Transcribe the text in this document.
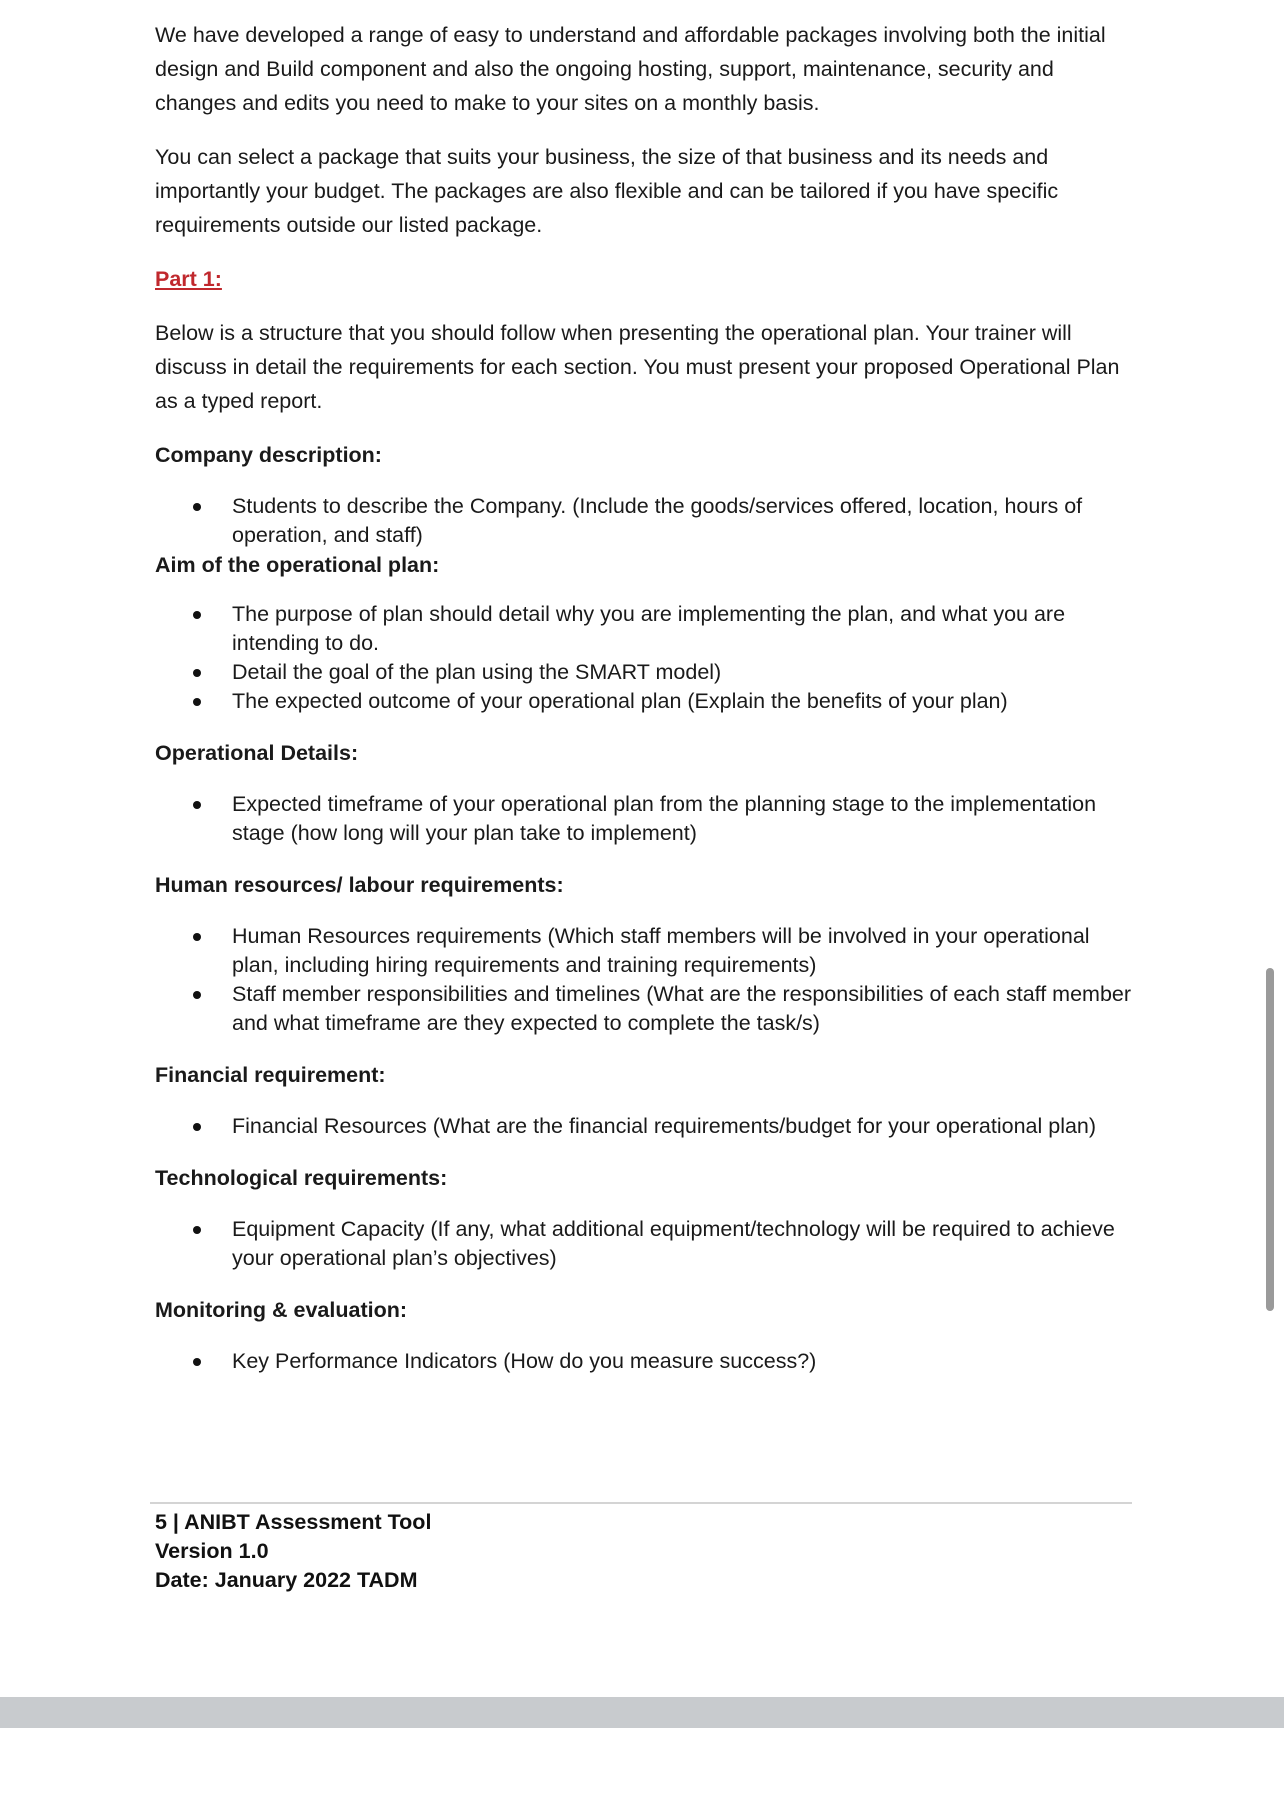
We have developed a range of easy to understand and affordable packages involving both the initial design and Build component and also the ongoing hosting, support, maintenance, security and changes and edits you need to make to your sites on a monthly basis.

You can select a package that suits your business, the size of that business and its needs and importantly your budget. The packages are also flexible and can be tailored if you have specific requirements outside our listed package.

Part 1:

Below is a structure that you should follow when presenting the operational plan. Your trainer will discuss in detail the requirements for each section. You must present your proposed Operational Plan as a typed report.

Company description:

Students to describe the Company. (Include the goods/services offered, location, hours of operation, and staff)

Aim of the operational plan:

The purpose of plan should detail why you are implementing the plan, and what you are intending to do.
Detail the goal of the plan using the SMART model)
The expected outcome of your operational plan (Explain the benefits of your plan)

Operational Details:

Expected timeframe of your operational plan from the planning stage to the implementation stage (how long will your plan take to implement)

Human resources/ labour requirements:

Human Resources requirements (Which staff members will be involved in your operational plan, including hiring requirements and training requirements)
Staff member responsibilities and timelines (What are the responsibilities of each staff member and what timeframe are they expected to complete the task/s)

Financial requirement:

Financial Resources (What are the financial requirements/budget for your operational plan)

Technological requirements:

Equipment Capacity (If any, what additional equipment/technology will be required to achieve your operational plan’s objectives)

Monitoring & evaluation:

Key Performance Indicators (How do you measure success?)
5 | ANIBT Assessment Tool
Version 1.0
Date: January 2022 TADM
